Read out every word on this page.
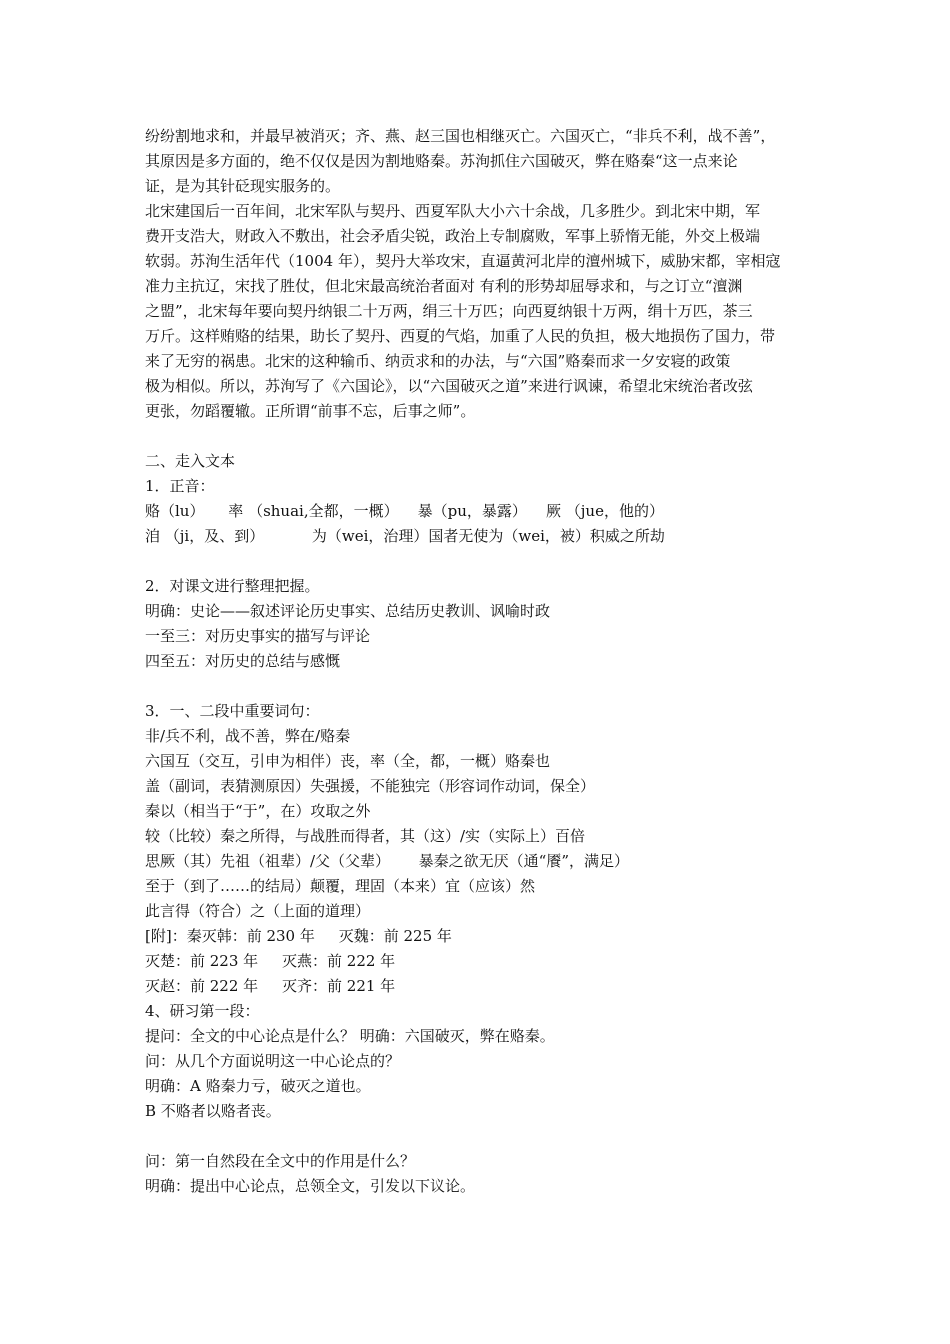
纷纷割地求和，并最早被消灭；齐、燕、赵三国也相继灭亡。六国灭亡，“非兵不利，战不善”，

其原因是多方面的，绝不仅仅是因为割地赂秦。苏洵抓住六国破灭，弊在赂秦“这一点来论

证，是为其针砭现实服务的。

北宋建国后一百年间，北宋军队与契丹、西夏军队大小六十余战，几多胜少。到北宋中期，军

费开支浩大，财政入不敷出，社会矛盾尖锐，政治上专制腐败，军事上骄惰无能，外交上极端

软弱。苏洵生活年代（1004 年），契丹大举攻宋，直逼黄河北岸的澶州城下，威胁宋都，宰相寇

准力主抗辽，宋找了胜仗，但北宋最高统治者面对 有利的形势却屈辱求和，与之订立“澶渊

之盟”，北宋每年要向契丹纳银二十万两，绢三十万匹；向西夏纳银十万两，绢十万匹，茶三

万斤。这样贿赂的结果，助长了契丹、西夏的气焰，加重了人民的负担，极大地损伤了国力，带

来了无穷的祸患。北宋的这种输币、纳贡求和的办法，与“六国”赂秦而求一夕安寝的政策

极为相似。所以，苏洵写了《六国论》，以“六国破灭之道”来进行讽谏，希望北宋统治者改弦

更张，勿蹈覆辙。正所谓“前事不忘，后事之师”。

二、走入文本
1．正音：
赂（lu）     率 （shuai,全都，一概）    暴（pu，暴露）    厥 （jue，他的）
洎 （ji，及、到）          为（wei，治理）国者无使为（wei，被）积威之所劫
2．对课文进行整理把握。
明确：史论——叙述评论历史事实、总结历史教训、讽喻时政
一至三：对历史事实的描写与评论
四至五：对历史的总结与感慨
3．一、二段中重要词句：
非/兵不利，战不善，弊在/赂秦
六国互（交互，引申为相伴）丧，率（全，都，一概）赂秦也
盖（副词，表猜测原因）失强援，不能独完（形容词作动词，保全）
秦以（相当于“于”，在）攻取之外
较（比较）秦之所得，与战胜而得者，其（这）/实（实际上）百倍
思厥（其）先祖（祖辈）/父（父辈）      暴秦之欲无厌（通“餍”，满足）
至于（到了……的结局）颠覆，理固（本来）宜（应该）然
此言得（符合）之（上面的道理）
[附]：秦灭韩：前 230 年     灭魏：前 225 年
灭楚：前 223 年     灭燕：前 222 年
灭赵：前 222 年     灭齐：前 221 年
4、研习第一段：
提问：全文的中心论点是什么？ 明确：六国破灭，弊在赂秦。
问：从几个方面说明这一中心论点的？
明确：A 赂秦力亏，破灭之道也。
B 不赂者以赂者丧。
问：第一自然段在全文中的作用是什么？
明确：提出中心论点，总领全文，引发以下议论。
